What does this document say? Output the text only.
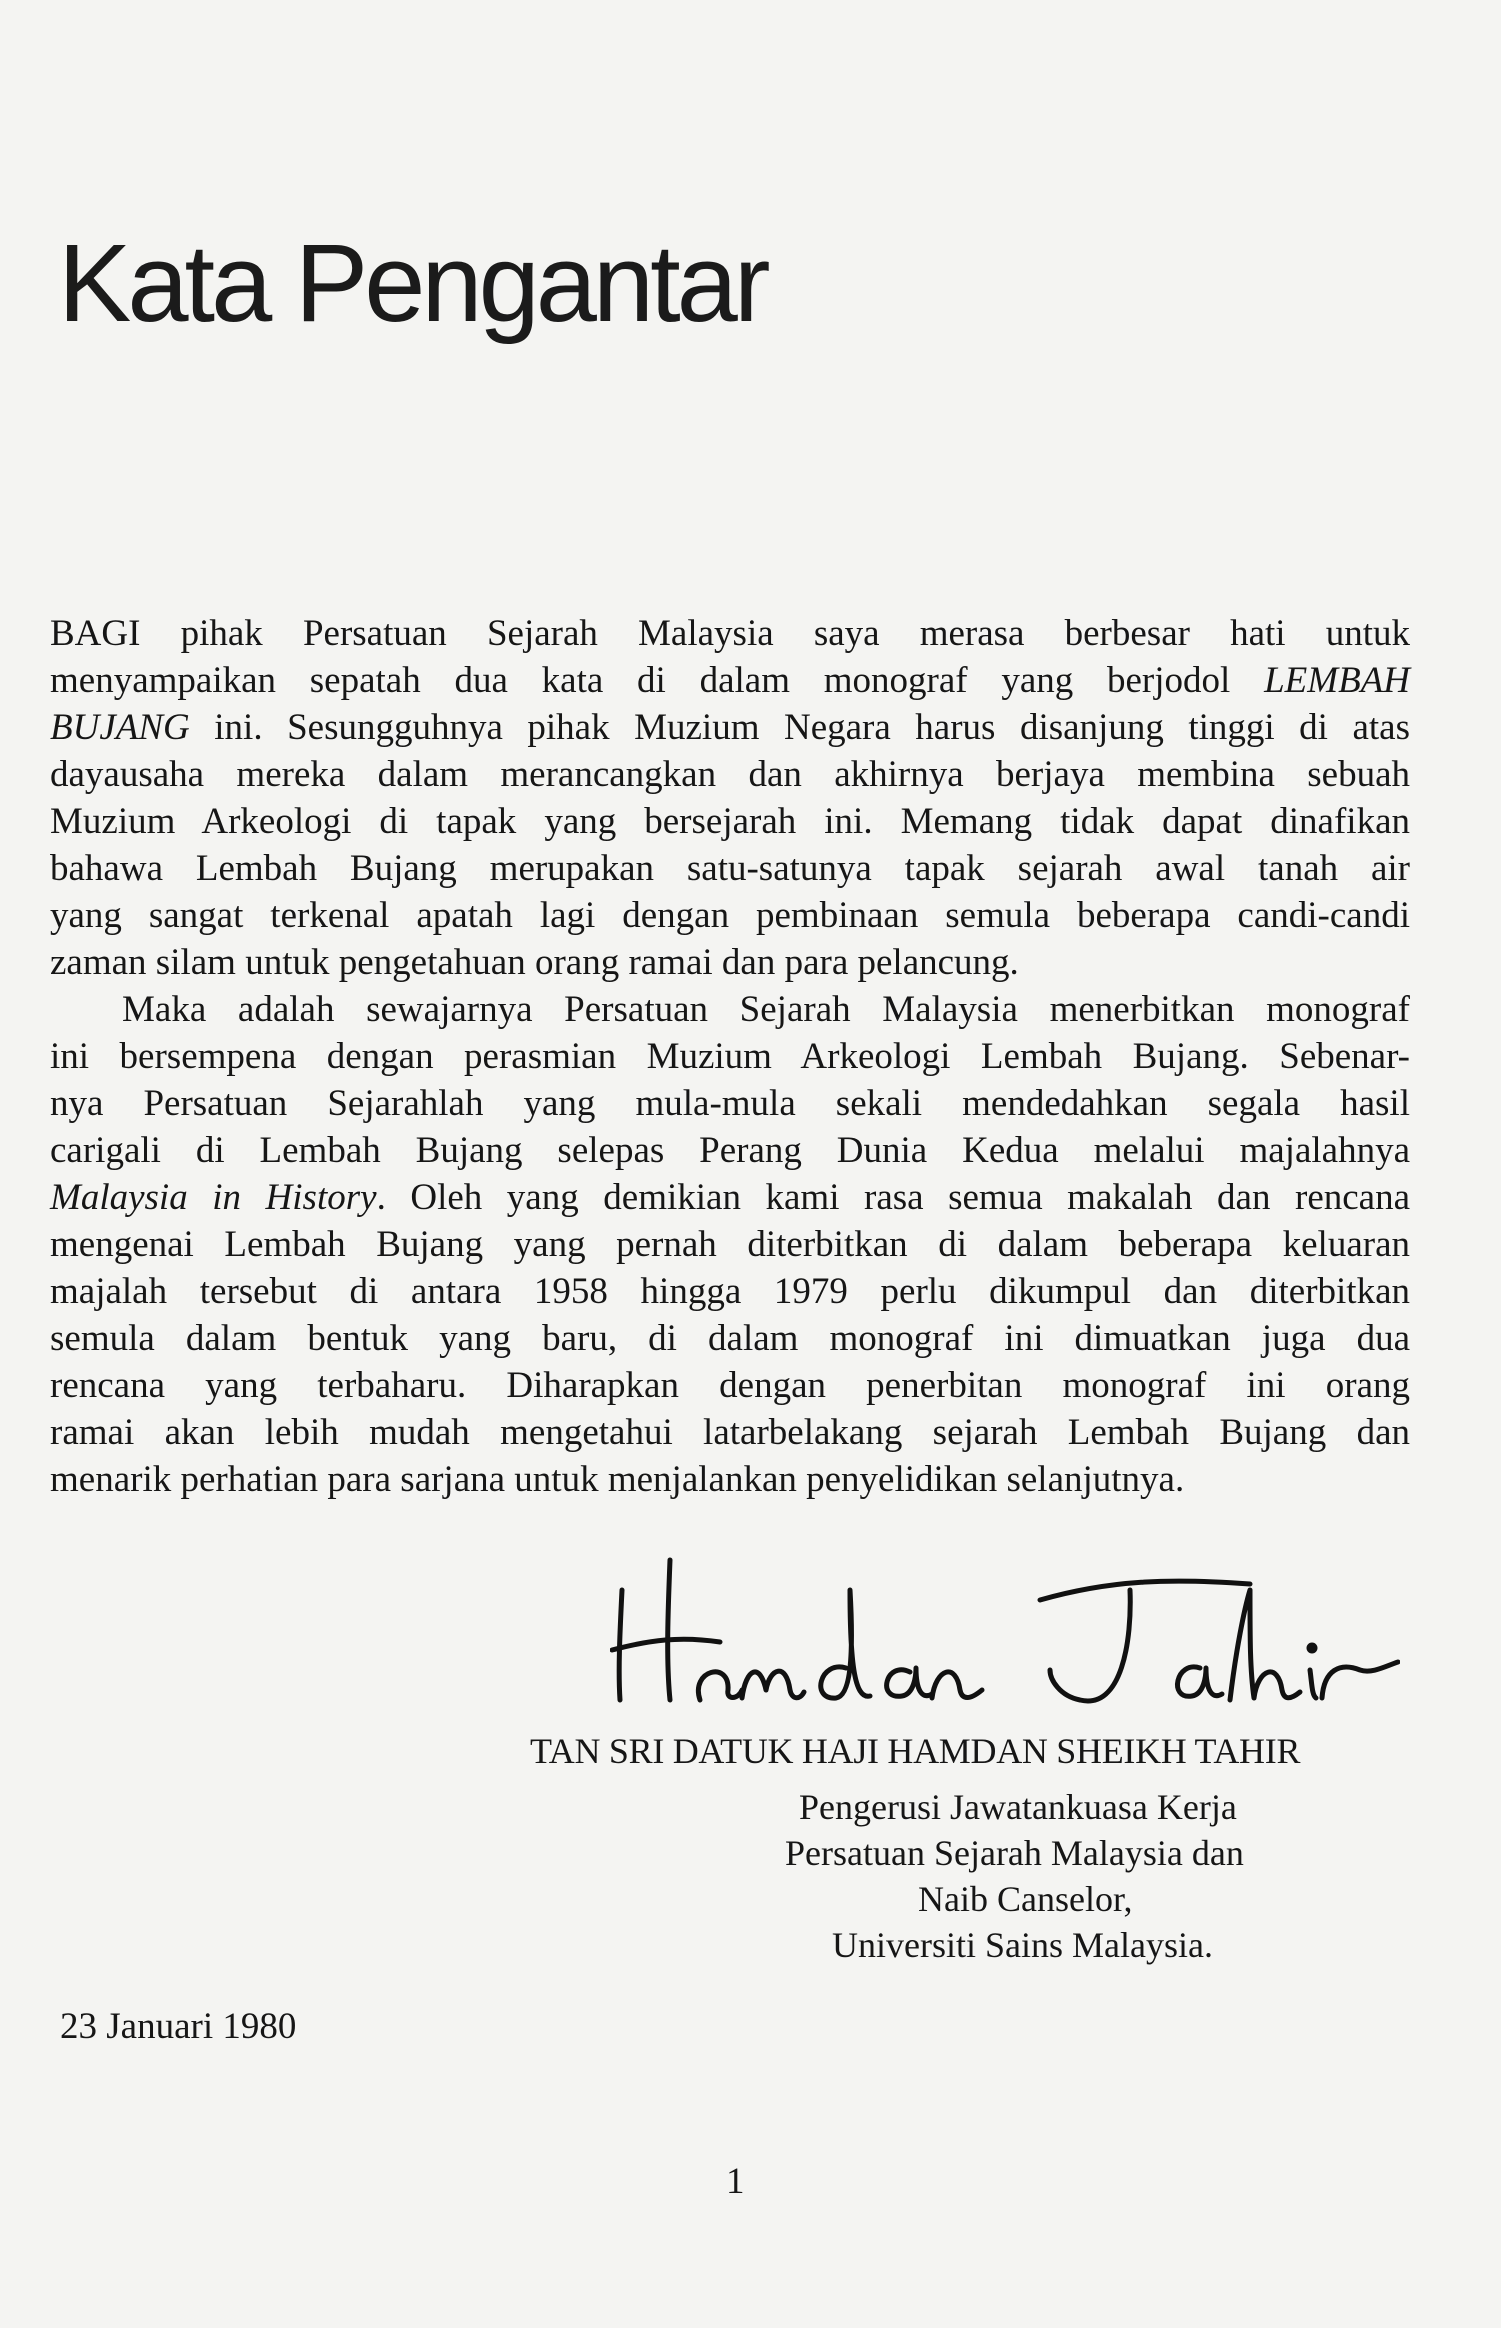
Kata Pengantar
BAGI pihak Persatuan Sejarah Malaysia saya merasa berbesar hati untuk
menyampaikan sepatah dua kata di dalam monograf yang berjodol LEMBAH
BUJANG ini. Sesungguhnya pihak Muzium Negara harus disanjung tinggi di atas
dayausaha mereka dalam merancangkan dan akhirnya berjaya membina sebuah
Muzium Arkeologi di tapak yang bersejarah ini. Memang tidak dapat dinafikan
bahawa Lembah Bujang merupakan satu-satunya tapak sejarah awal tanah air
yang sangat terkenal apatah lagi dengan pembinaan semula beberapa candi-candi
zaman silam untuk pengetahuan orang ramai dan para pelancung.
Maka adalah sewajarnya Persatuan Sejarah Malaysia menerbitkan monograf
ini bersempena dengan perasmian Muzium Arkeologi Lembah Bujang. Sebenar-
nya Persatuan Sejarahlah yang mula-mula sekali mendedahkan segala hasil
carigali di Lembah Bujang selepas Perang Dunia Kedua melalui majalahnya
Malaysia in History. Oleh yang demikian kami rasa semua makalah dan rencana
mengenai Lembah Bujang yang pernah diterbitkan di dalam beberapa keluaran
majalah tersebut di antara 1958 hingga 1979 perlu dikumpul dan diterbitkan
semula dalam bentuk yang baru, di dalam monograf ini dimuatkan juga dua
rencana yang terbaharu. Diharapkan dengan penerbitan monograf ini orang
ramai akan lebih mudah mengetahui latarbelakang sejarah Lembah Bujang dan
menarik perhatian para sarjana untuk menjalankan penyelidikan selanjutnya.
TAN SRI DATUK HAJI HAMDAN SHEIKH TAHIR
Pengerusi Jawatankuasa Kerja
Persatuan Sejarah Malaysia dan
Naib Canselor,
Universiti Sains Malaysia.
23 Januari 1980
1
